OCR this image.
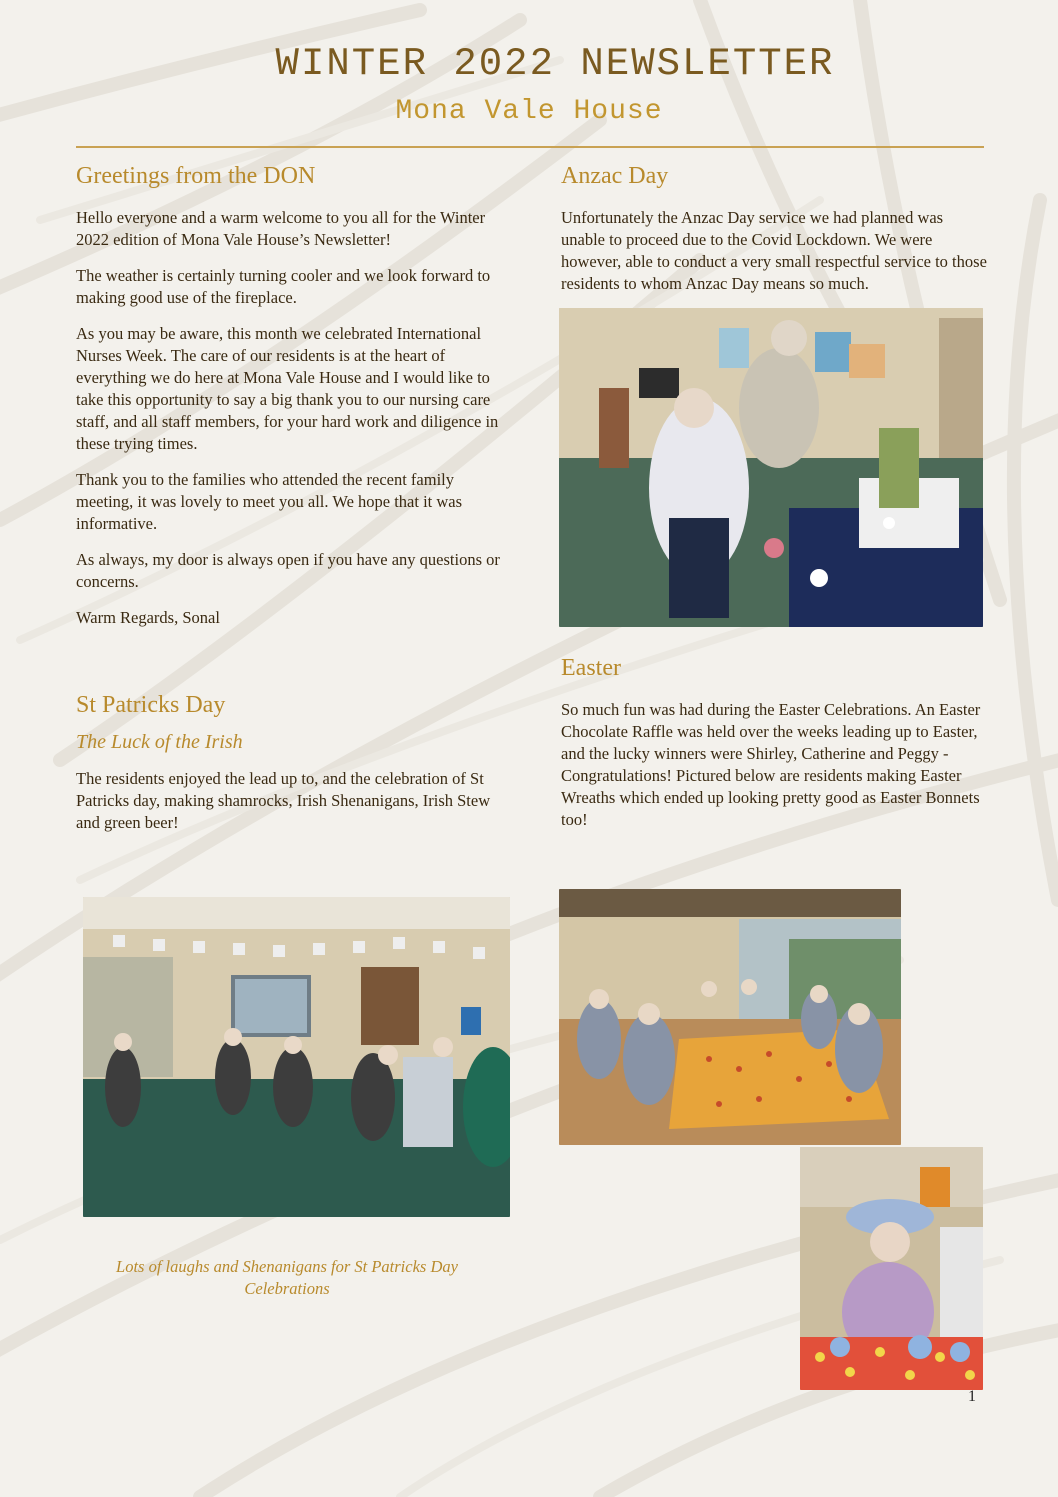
WINTER 2022 NEWSLETTER
Mona Vale House
Greetings from the DON

Hello everyone and a warm welcome to you all for the Winter 2022 edition of Mona Vale House’s Newsletter!

The weather is certainly turning cooler and we look forward to making good use of the fireplace.

As you may be aware, this month we celebrated International Nurses Week. The care of our residents is at the heart of everything we do here at Mona Vale House and I would like to take this opportunity to say a big thank you to our nursing care staff, and all staff members, for your hard work and diligence in these trying times.

Thank you to the families who attended the recent family meeting, it was lovely to meet you all. We hope that it was informative.

As always, my door is always open if you have any questions or concerns.

Warm Regards, Sonal

St Patricks Day
The Luck of the Irish

The residents enjoyed the lead up to, and the celebration of St Patricks day, making shamrocks, Irish Shenanigans, Irish Stew and green beer!

Lots of laughs and Shenanigans for St Patricks Day Celebrations
Anzac Day

Unfortunately the Anzac Day service we had planned was unable to proceed due to the Covid Lockdown. We were however, able to conduct a very small respectful service to those residents to whom Anzac Day means so much.

Easter

So much fun was had during the Easter Celebrations. An Easter Chocolate Raffle was held over the weeks leading up to Easter, and the lucky winners were Shirley, Catherine and Peggy - Congratulations! Pictured below are residents making Easter Wreaths which ended up looking pretty good as Easter Bonnets too!

1
